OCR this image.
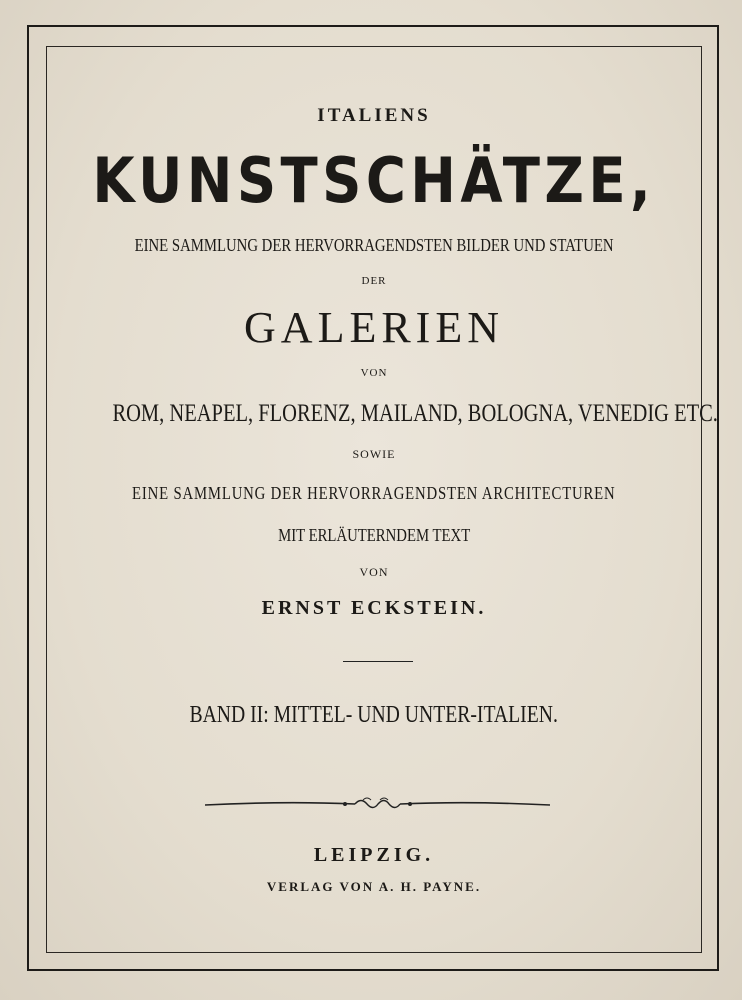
ITALIENS
KUNSTSCHÄTZE,
EINE SAMMLUNG DER HERVORRAGENDSTEN BILDER UND STATUEN
DER
GALERIEN
VON
ROM, NEAPEL, FLORENZ, MAILAND, BOLOGNA, VENEDIG ETC.
SOWIE
EINE SAMMLUNG DER HERVORRAGENDSTEN ARCHITECTUREN
MIT ERLÄUTERNDEM TEXT
VON
ERNST ECKSTEIN.
BAND II: MITTEL- UND UNTER-ITALIEN.
LEIPZIG.
VERLAG VON A. H. PAYNE.
